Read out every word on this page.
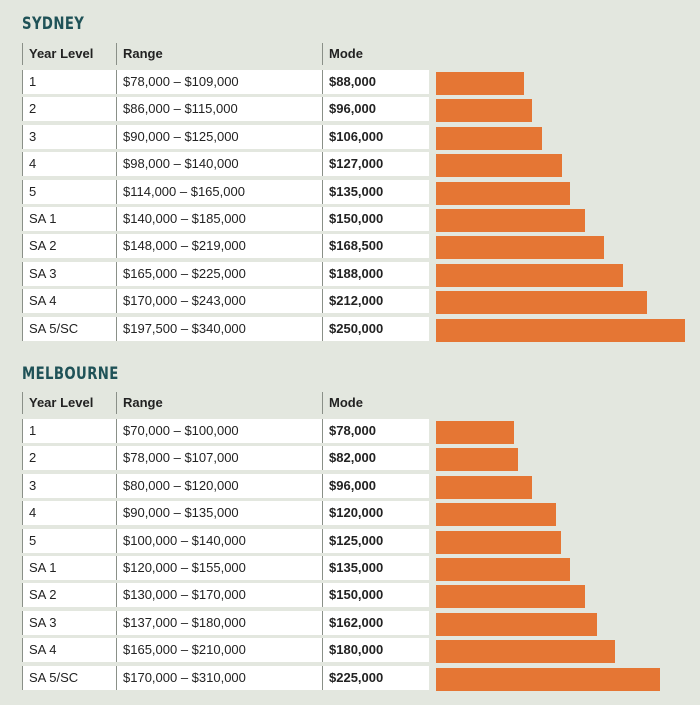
SYDNEY
Year Level	Range	Mode
1	$78,000 – $109,000	$88,000
2	$86,000 – $115,000	$96,000
3	$90,000 – $125,000	$106,000
4	$98,000 – $140,000	$127,000
5	$114,000 – $165,000	$135,000
SA 1	$140,000 – $185,000	$150,000
SA 2	$148,000 – $219,000	$168,500
SA 3	$165,000 – $225,000	$188,000
SA 4	$170,000 – $243,000	$212,000
SA 5/SC	$197,500 – $340,000	$250,000
MELBOURNE
Year Level	Range	Mode
1	$70,000 – $100,000	$78,000
2	$78,000 – $107,000	$82,000
3	$80,000 – $120,000	$96,000
4	$90,000 – $135,000	$120,000
5	$100,000 – $140,000	$125,000
SA 1	$120,000 – $155,000	$135,000
SA 2	$130,000 – $170,000	$150,000
SA 3	$137,000 – $180,000	$162,000
SA 4	$165,000 – $210,000	$180,000
SA 5/SC	$170,000 – $310,000	$225,000
